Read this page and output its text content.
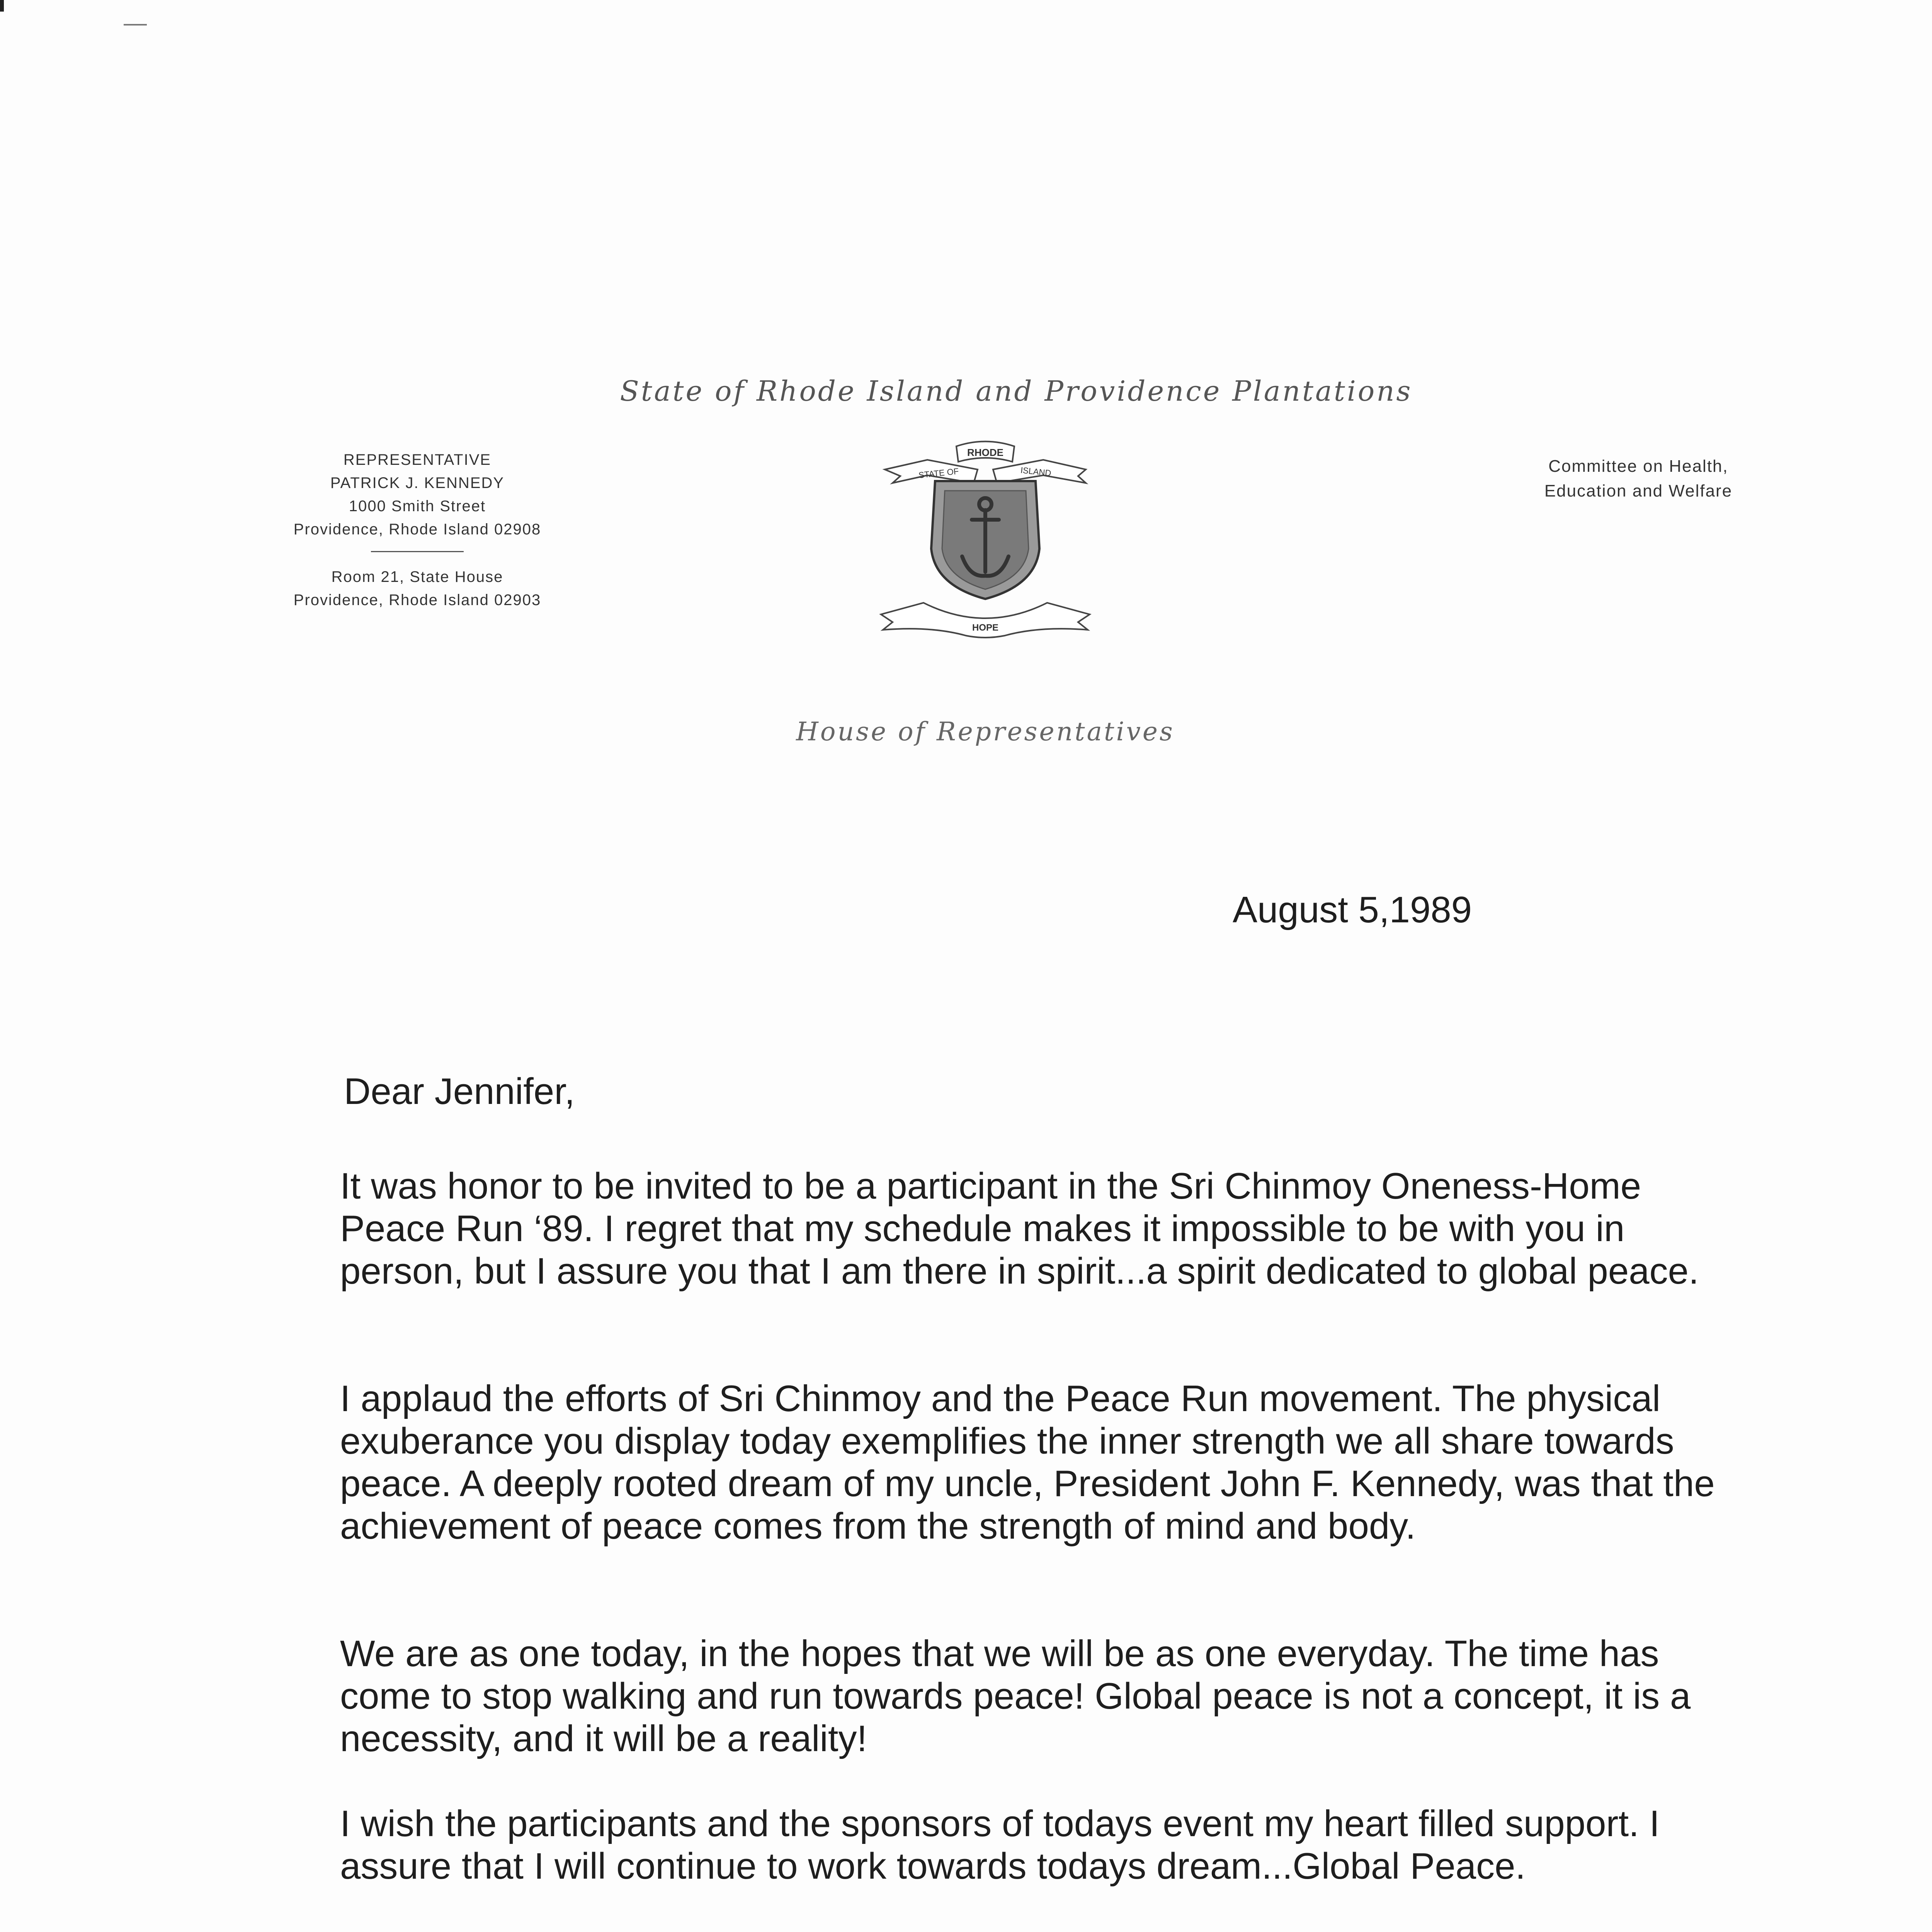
State of Rhode Island and Providence Plantations
REPRESENTATIVE
PATRICK J. KENNEDY
1000 Smith Street
Providence, Rhode Island 02908
Room 21, State House
Providence, Rhode Island 02903
Committee on Health,
Education and Welfare
RHODE
STATE OF	ISLAND
HOPE
House of Representatives
August 5,1989
Dear Jennifer,

It was honor to be invited to be a participant in the Sri Chinmoy Oneness-Home Peace Run ‘89. I regret that my schedule makes it impossible to be with you in person, but I assure you that I am there in spirit...a spirit dedicated to global peace.

I applaud the efforts of Sri Chinmoy and the Peace Run movement. The physical exuberance you display today exemplifies the inner strength we all share towards peace. A deeply rooted dream of my uncle, President John F. Kennedy, was that the achievement of peace comes from the strength of mind and body.

We are as one today, in the hopes that we will be as one everyday. The time has come to stop walking and run towards peace! Global peace is not a concept, it is a necessity, and it will be a reality!

I wish the participants and the sponsors of todays event my heart filled support. I assure that I will continue to work towards todays dream...Global Peace.
